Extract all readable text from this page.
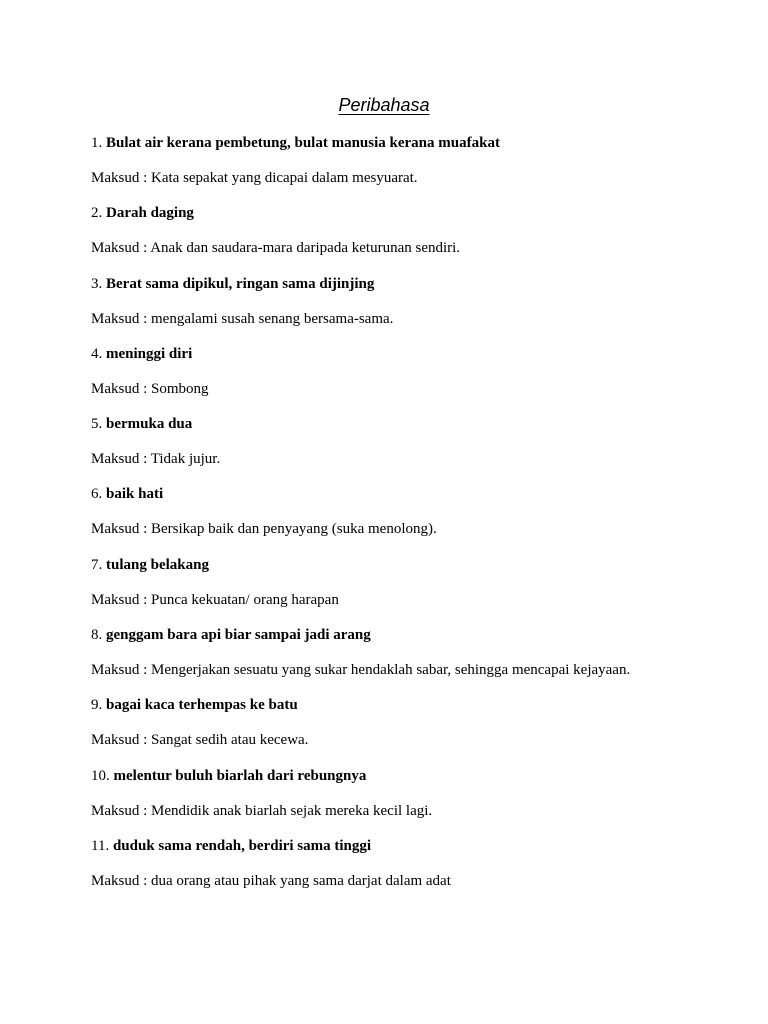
Peribahasa
1. Bulat air kerana pembetung, bulat manusia kerana muafakat
Maksud : Kata sepakat yang dicapai dalam mesyuarat.
2. Darah daging
Maksud : Anak dan saudara-mara daripada keturunan sendiri.
3. Berat sama dipikul, ringan sama dijinjing
Maksud : mengalami susah senang bersama-sama.
4. meninggi diri
Maksud : Sombong
5. bermuka dua
Maksud : Tidak jujur.
6. baik hati
Maksud : Bersikap baik dan penyayang (suka menolong).
7. tulang belakang
Maksud : Punca kekuatan/ orang harapan
8. genggam bara api biar sampai jadi arang
Maksud : Mengerjakan sesuatu yang sukar hendaklah sabar, sehingga mencapai kejayaan.
9. bagai kaca terhempas ke batu
Maksud : Sangat sedih atau kecewa.
10. melentur buluh biarlah dari rebungnya
Maksud : Mendidik anak biarlah sejak mereka kecil lagi.
11. duduk sama rendah, berdiri sama tinggi
Maksud : dua orang atau pihak yang sama darjat dalam adat
